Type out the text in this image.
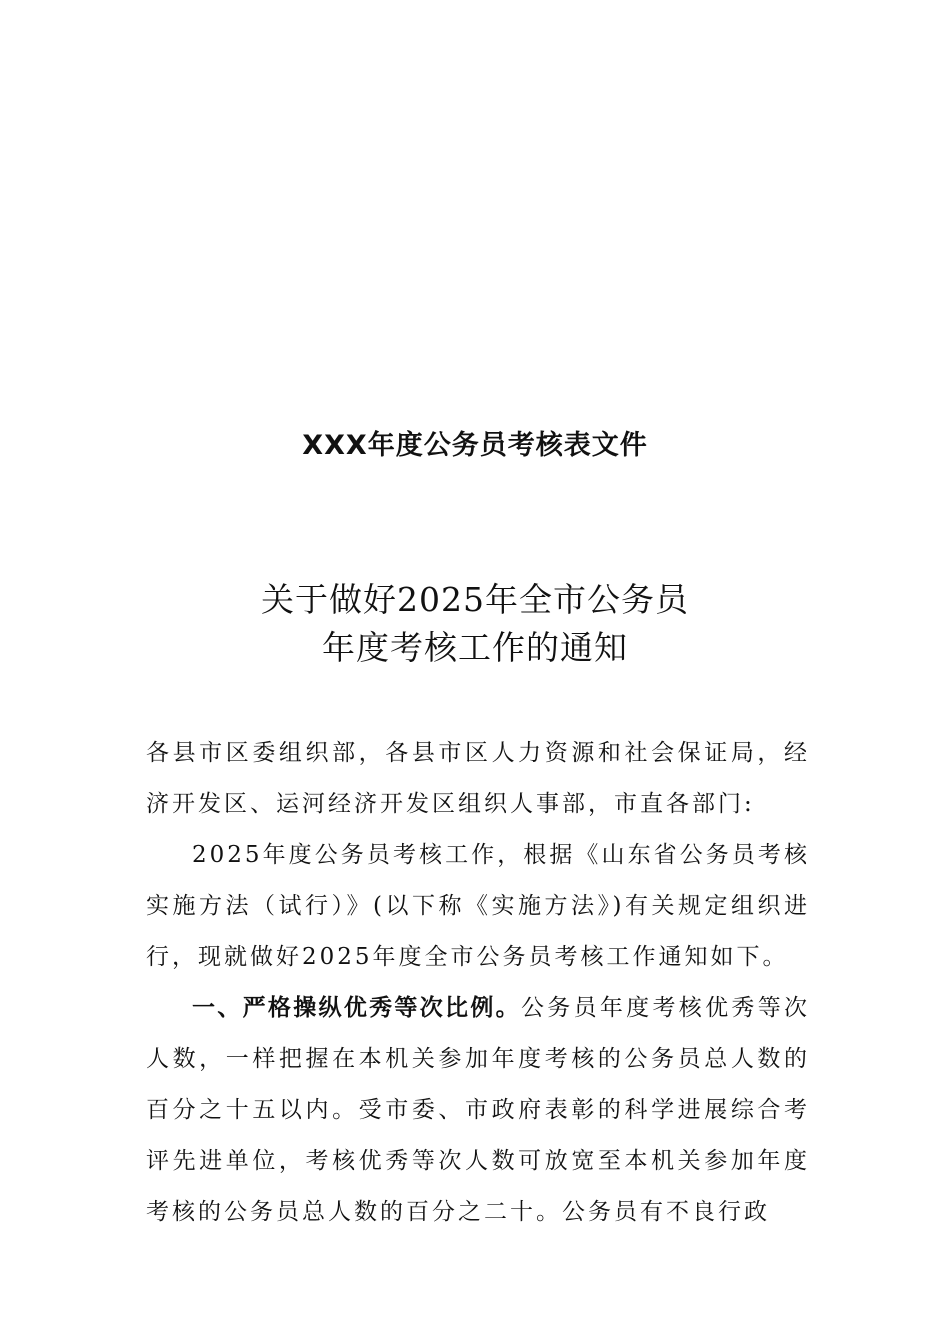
XXX年度公务员考核表文件
关于做好2025年全市公务员
年度考核工作的通知

各县市区委组织部，各县市区人力资源和社会保证局，经济开发区、运河经济开发区组织人事部，市直各部门:

2025年度公务员考核工作，根据《山东省公务员考核实施方法（试行）》(以下称《实施方法》)有关规定组织进行，现就做好2025年度全市公务员考核工作通知如下。

一、严格操纵优秀等次比例。公务员年度考核优秀等次人数，一样把握在本机关参加年度考核的公务员总人数的百分之十五以内。受市委、市政府表彰的科学进展综合考评先进单位，考核优秀等次人数可放宽至本机关参加年度考核的公务员总人数的百分之二十。公务员有不良行政
